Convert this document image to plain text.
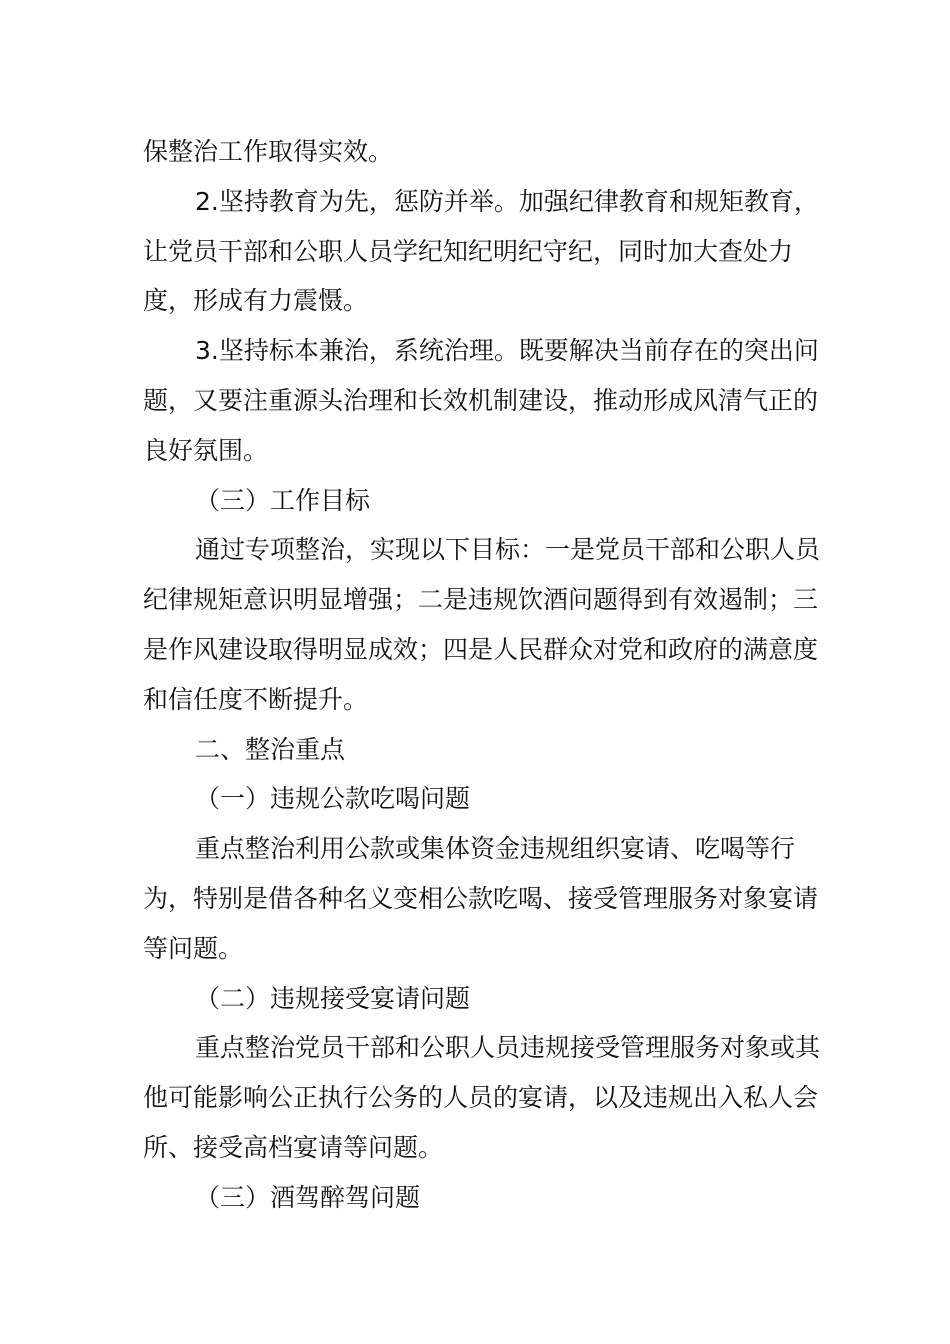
保整治工作取得实效。

2.坚持教育为先，惩防并举。加强纪律教育和规矩教育，让党员干部和公职人员学纪知纪明纪守纪，同时加大查处力度，形成有力震慑。

3.坚持标本兼治，系统治理。既要解决当前存在的突出问题，又要注重源头治理和长效机制建设，推动形成风清气正的良好氛围。

（三）工作目标

通过专项整治，实现以下目标：一是党员干部和公职人员纪律规矩意识明显增强；二是违规饮酒问题得到有效遏制；三是作风建设取得明显成效；四是人民群众对党和政府的满意度和信任度不断提升。

二、整治重点

（一）违规公款吃喝问题

重点整治利用公款或集体资金违规组织宴请、吃喝等行为，特别是借各种名义变相公款吃喝、接受管理服务对象宴请等问题。

（二）违规接受宴请问题

重点整治党员干部和公职人员违规接受管理服务对象或其他可能影响公正执行公务的人员的宴请，以及违规出入私人会所、接受高档宴请等问题。

（三）酒驾醉驾问题
